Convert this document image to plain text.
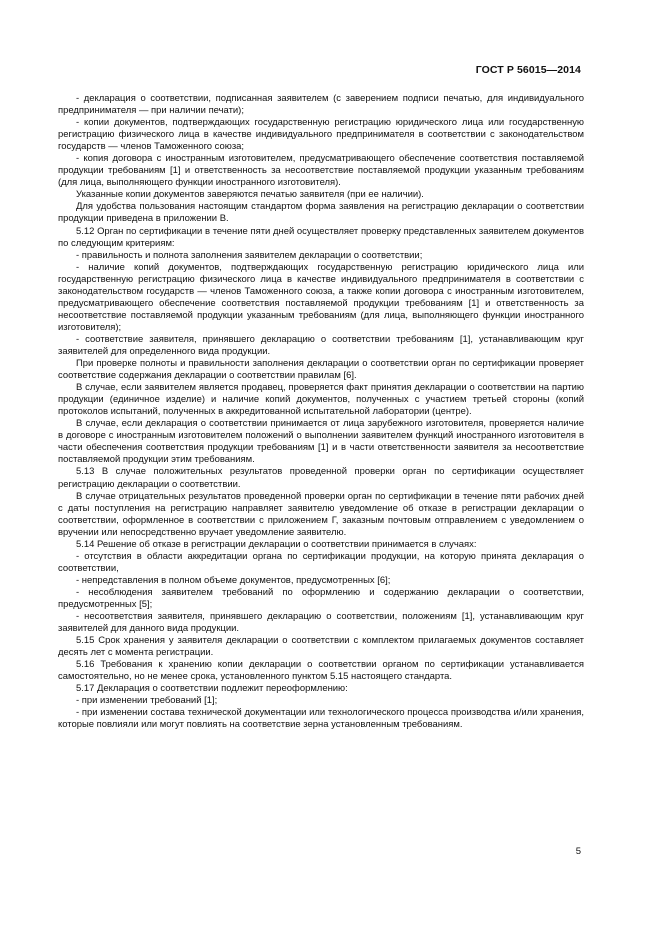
ГОСТ Р 56015—2014

- декларация о соответствии, подписанная заявителем (с заверением подписи печатью, для индивидуального предпринимателя — при наличии печати);

- копии документов, подтверждающих государственную регистрацию юридического лица или государственную регистрацию физического лица в качестве индивидуального предпринимателя в соответствии с законодательством государств — членов Таможенного союза;

- копия договора с иностранным изготовителем, предусматривающего обеспечение соответствия поставляемой продукции требованиям [1] и ответственность за несоответствие поставляемой продукции указанным требованиям (для лица, выполняющего функции иностранного изготовителя).

Указанные копии документов заверяются печатью заявителя (при ее наличии).

Для удобства пользования настоящим стандартом форма заявления на регистрацию декларации о соответствии продукции приведена в приложении В.

5.12 Орган по сертификации в течение пяти дней осуществляет проверку представленных заявителем документов по следующим критериям:

- правильность и полнота заполнения заявителем декларации о соответствии;

- наличие копий документов, подтверждающих государственную регистрацию юридического лица или государственную регистрацию физического лица в качестве индивидуального предпринимателя в соответствии с законодательством государств — членов Таможенного союза, а также копии договора с иностранным изготовителем, предусматривающего обеспечение соответствия поставляемой продукции требованиям [1] и ответственность за несоответствие поставляемой продукции указанным требованиям (для лица, выполняющего функции иностранного изготовителя);

- соответствие заявителя, принявшего декларацию о соответствии требованиям [1], устанавливающим круг заявителей для определенного вида продукции.

При проверке полноты и правильности заполнения декларации о соответствии орган по сертификации проверяет соответствие содержания декларации о соответствии правилам [6].

В случае, если заявителем является продавец, проверяется факт принятия декларации о соответствии на партию продукции (единичное изделие) и наличие копий документов, полученных с участием третьей стороны (копий протоколов испытаний, полученных в аккредитованной испытательной лаборатории (центре).

В случае, если декларация о соответствии принимается от лица зарубежного изготовителя, проверяется наличие в договоре с иностранным изготовителем положений о выполнении заявителем функций иностранного изготовителя в части обеспечения соответствия продукции требованиям [1] и в части ответственности заявителя за несоответствие поставляемой продукции этим требованиям.

5.13 В случае положительных результатов проведенной проверки орган по сертификации осуществляет регистрацию декларации о соответствии.

В случае отрицательных результатов проведенной проверки орган по сертификации в течение пяти рабочих дней с даты поступления на регистрацию направляет заявителю уведомление об отказе в регистрации декларации о соответствии, оформленное в соответствии с приложением Г, заказным почтовым отправлением с уведомлением о вручении или непосредственно вручает уведомление заявителю.

5.14 Решение об отказе в регистрации декларации о соответствии принимается в случаях:

- отсутствия в области аккредитации органа по сертификации продукции, на которую принята декларация о соответствии,

- непредставления в полном объеме документов, предусмотренных [6];

- несоблюдения заявителем требований по оформлению и содержанию декларации о соответствии, предусмотренных [5];

- несоответствия заявителя, принявшего декларацию о соответствии, положениям [1], устанавливающим круг заявителей для данного вида продукции.

5.15 Срок хранения у заявителя декларации о соответствии с комплектом прилагаемых документов составляет десять лет с момента регистрации.

5.16 Требования к хранению копии декларации о соответствии органом по сертификации устанавливается самостоятельно, но не менее срока, установленного пунктом 5.15 настоящего стандарта.

5.17 Декларация о соответствии подлежит переоформлению:

- при изменении требований [1];

- при изменении состава технической документации или технологического процесса производства и/или хранения, которые повлияли или могут повлиять на соответствие зерна установленным требованиям.

5
